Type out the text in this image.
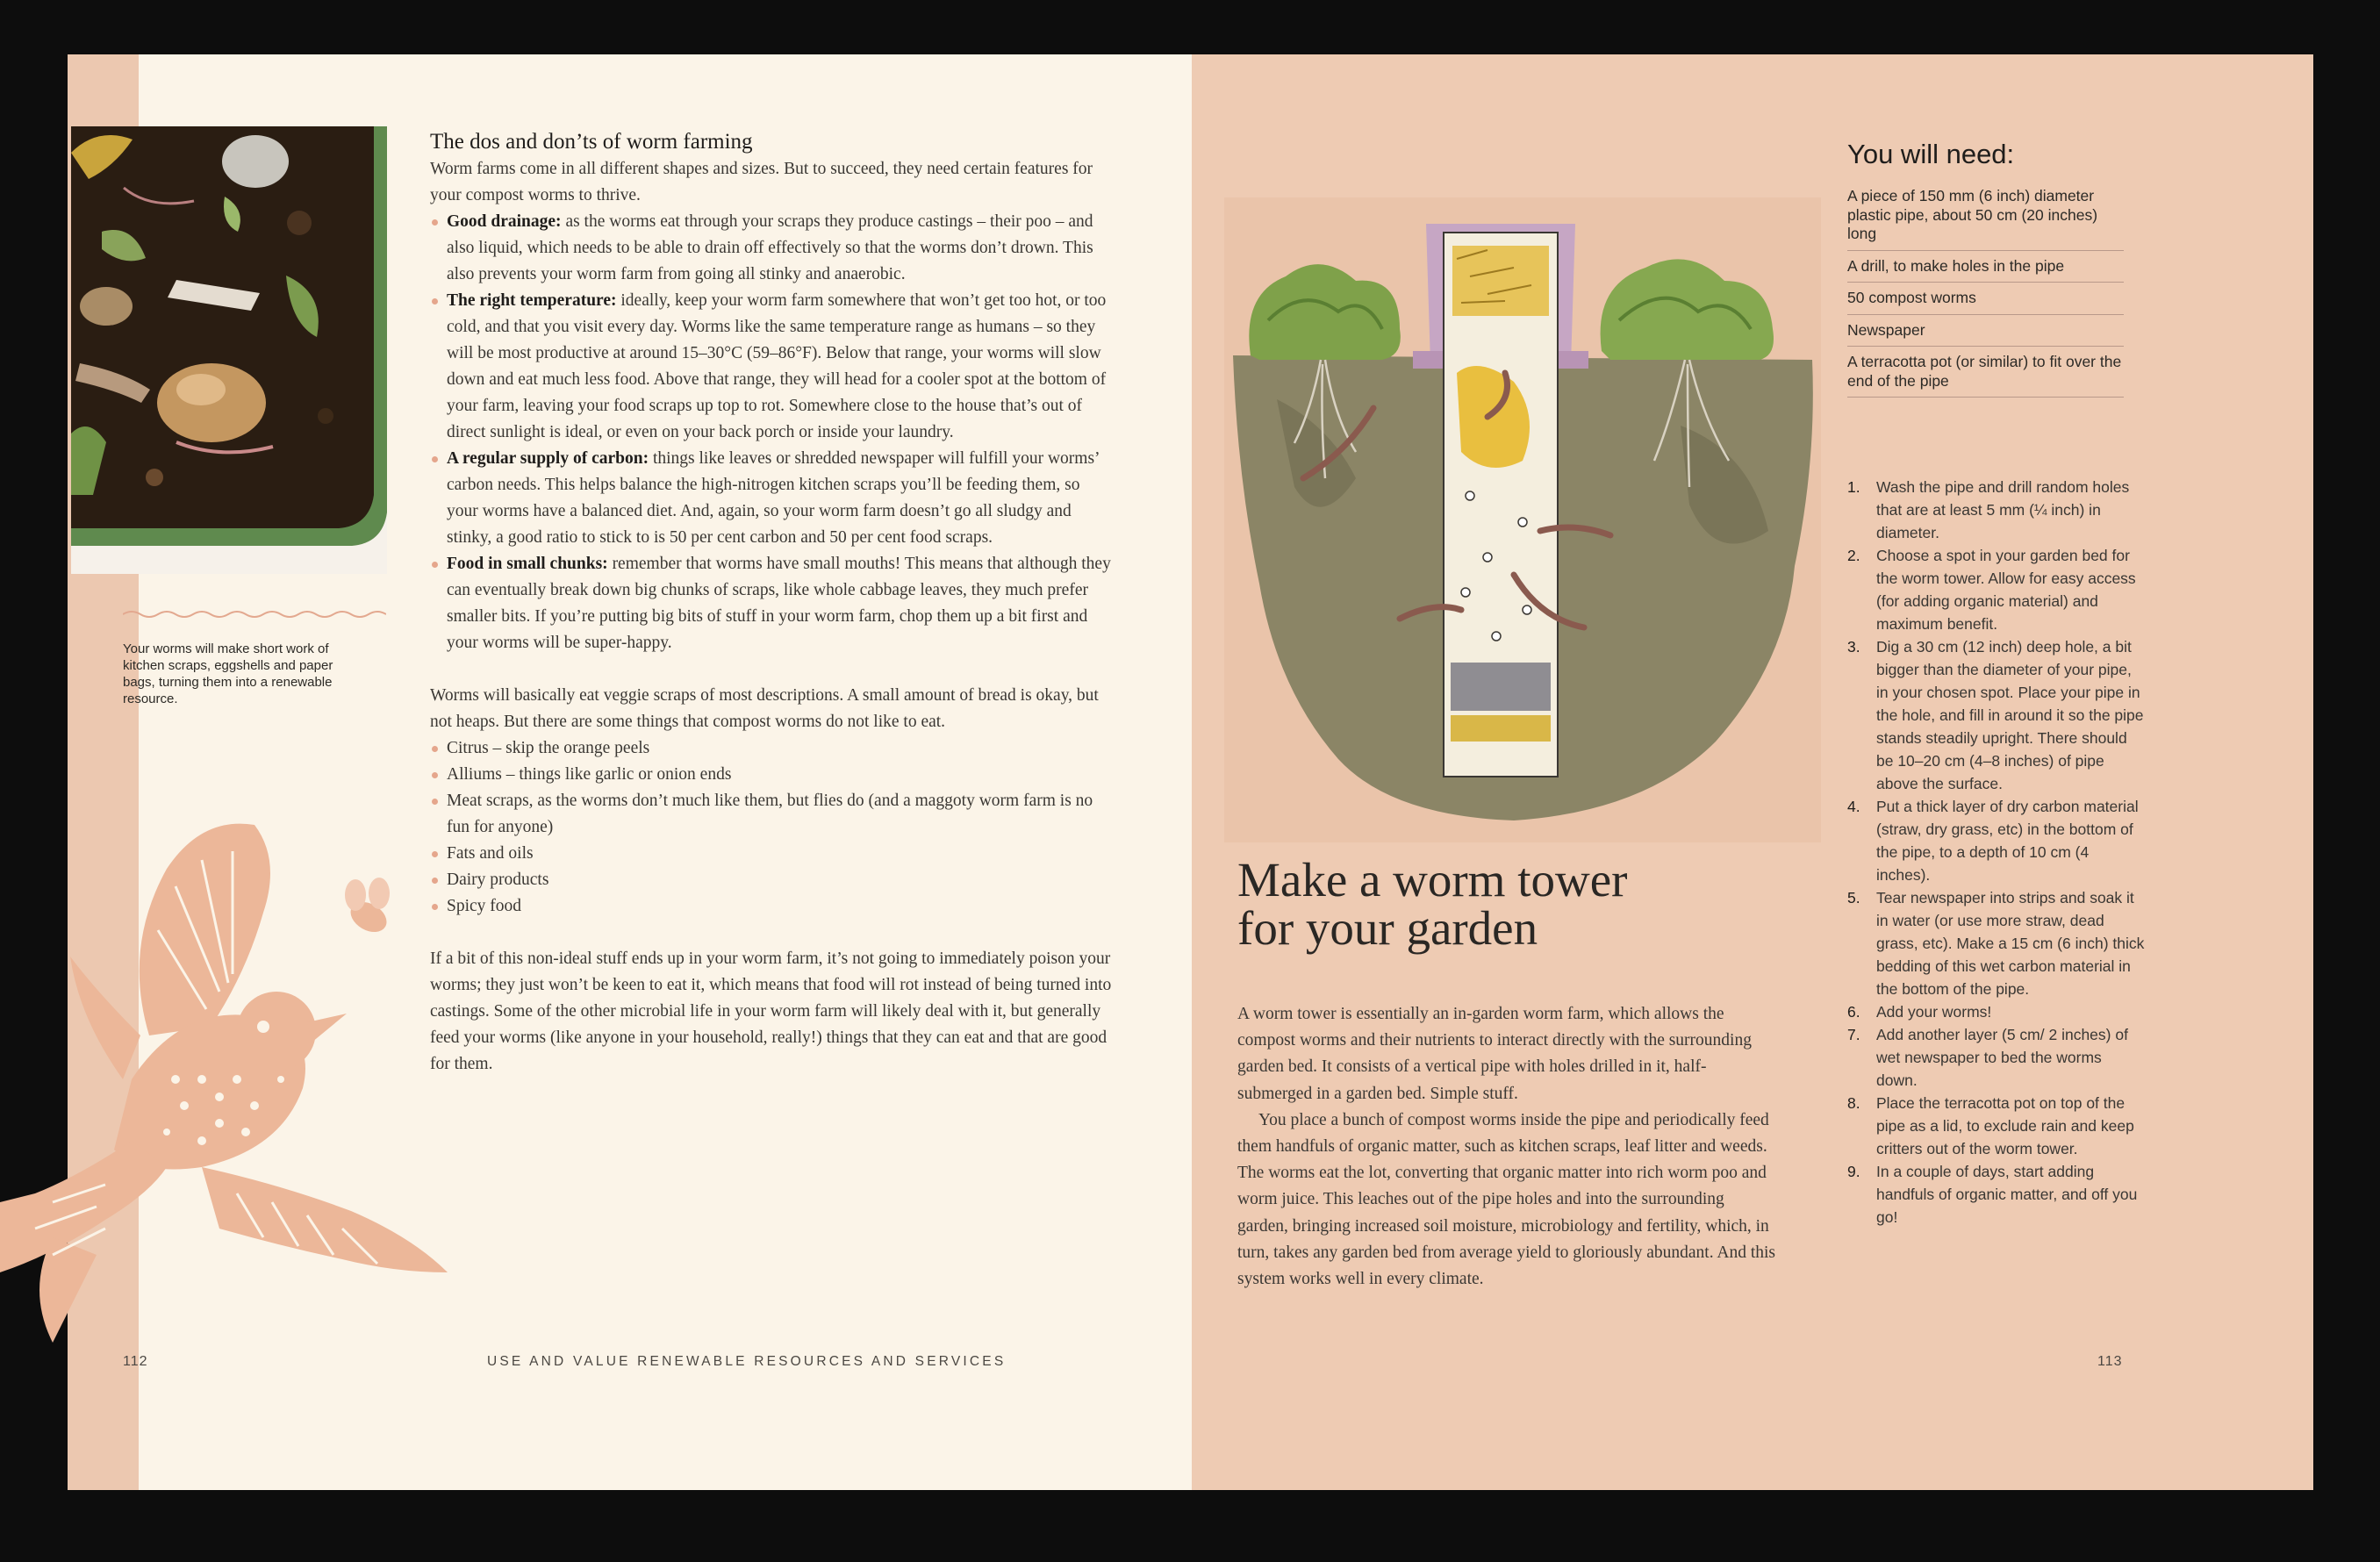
Your worms will make short work of kitchen scraps, eggshells and paper bags, turning them into a renewable resource.
The dos and don’ts of worm farming

Worm farms come in all different shapes and sizes. But to succeed, they need certain features for your compost worms to thrive.

Good drainage: as the worms eat through your scraps they produce castings – their poo – and also liquid, which needs to be able to drain off effectively so that the worms don’t drown. This also prevents your worm farm from going all stinky and anaerobic.
The right temperature: ideally, keep your worm farm somewhere that won’t get too hot, or too cold, and that you visit every day. Worms like the same temperature range as humans – so they will be most productive at around 15–30°C (59–86°F). Below that range, your worms will slow down and eat much less food. Above that range, they will head for a cooler spot at the bottom of your farm, leaving your food scraps up top to rot. Somewhere close to the house that’s out of direct sunlight is ideal, or even on your back porch or inside your laundry.
A regular supply of carbon: things like leaves or shredded newspaper will fulfill your worms’ carbon needs. This helps balance the high-nitrogen kitchen scraps you’ll be feeding them, so your worms have a balanced diet. And, again, so your worm farm doesn’t go all sludgy and stinky, a good ratio to stick to is 50 per cent carbon and 50 per cent food scraps.
Food in small chunks: remember that worms have small mouths! This means that although they can eventually break down big chunks of scraps, like whole cabbage leaves, they much prefer smaller bits. If you’re putting big bits of stuff in your worm farm, chop them up a bit first and your worms will be super-happy.

Worms will basically eat veggie scraps of most descriptions. A small amount of bread is okay, but not heaps. But there are some things that compost worms do not like to eat.

Citrus – skip the orange peels
Alliums – things like garlic or onion ends
Meat scraps, as the worms don’t much like them, but flies do (and a maggoty worm farm is no fun for anyone)
Fats and oils
Dairy products
Spicy food

If a bit of this non-ideal stuff ends up in your worm farm, it’s not going to immediately poison your worms; they just won’t be keen to eat it, which means that food will rot instead of being turned into castings. Some of the other microbial life in your worm farm will likely deal with it, but generally feed your worms (like anyone in your household, really!) things that they can eat and that are good for them.

112	USE AND VALUE RENEWABLE RESOURCES AND SERVICES
Make a worm tower
for your garden

A worm tower is essentially an in-garden worm farm, which allows the compost worms and their nutrients to interact directly with the surrounding garden bed. It consists of a vertical pipe with holes drilled in it, half-submerged in a garden bed. Simple stuff.

You place a bunch of compost worms inside the pipe and periodically feed them handfuls of organic matter, such as kitchen scraps, leaf litter and weeds. The worms eat the lot, converting that organic matter into rich worm poo and worm juice. This leaches out of the pipe holes and into the surrounding garden, bringing increased soil moisture, microbiology and fertility, which, in turn, takes any garden bed from average yield to gloriously abundant. And this system works well in every climate.

You will need:
A piece of 150 mm (6 inch) diameter plastic pipe, about 50 cm (20 inches) long
A drill, to make holes in the pipe
50 compost worms
Newspaper
A terracotta pot (or similar) to fit over the end of the pipe
1. Wash the pipe and drill random holes that are at least 5 mm (¼ inch) in diameter.
2. Choose a spot in your garden bed for the worm tower. Allow for easy access (for adding organic material) and maximum benefit.
3. Dig a 30 cm (12 inch) deep hole, a bit bigger than the diameter of your pipe, in your chosen spot. Place your pipe in the hole, and fill in around it so the pipe stands steadily upright. There should be 10–20 cm (4–8 inches) of pipe above the surface.
4. Put a thick layer of dry carbon material (straw, dry grass, etc) in the bottom of the pipe, to a depth of 10 cm (4 inches).
5. Tear newspaper into strips and soak it in water (or use more straw, dead grass, etc). Make a 15 cm (6 inch) thick bedding of this wet carbon material in the bottom of the pipe.
6. Add your worms!
7. Add another layer (5 cm/ 2 inches) of wet newspaper to bed the worms down.
8. Place the terracotta pot on top of the pipe as a lid, to exclude rain and keep critters out of the worm tower.
9. In a couple of days, start adding handfuls of organic matter, and off you go!
113
